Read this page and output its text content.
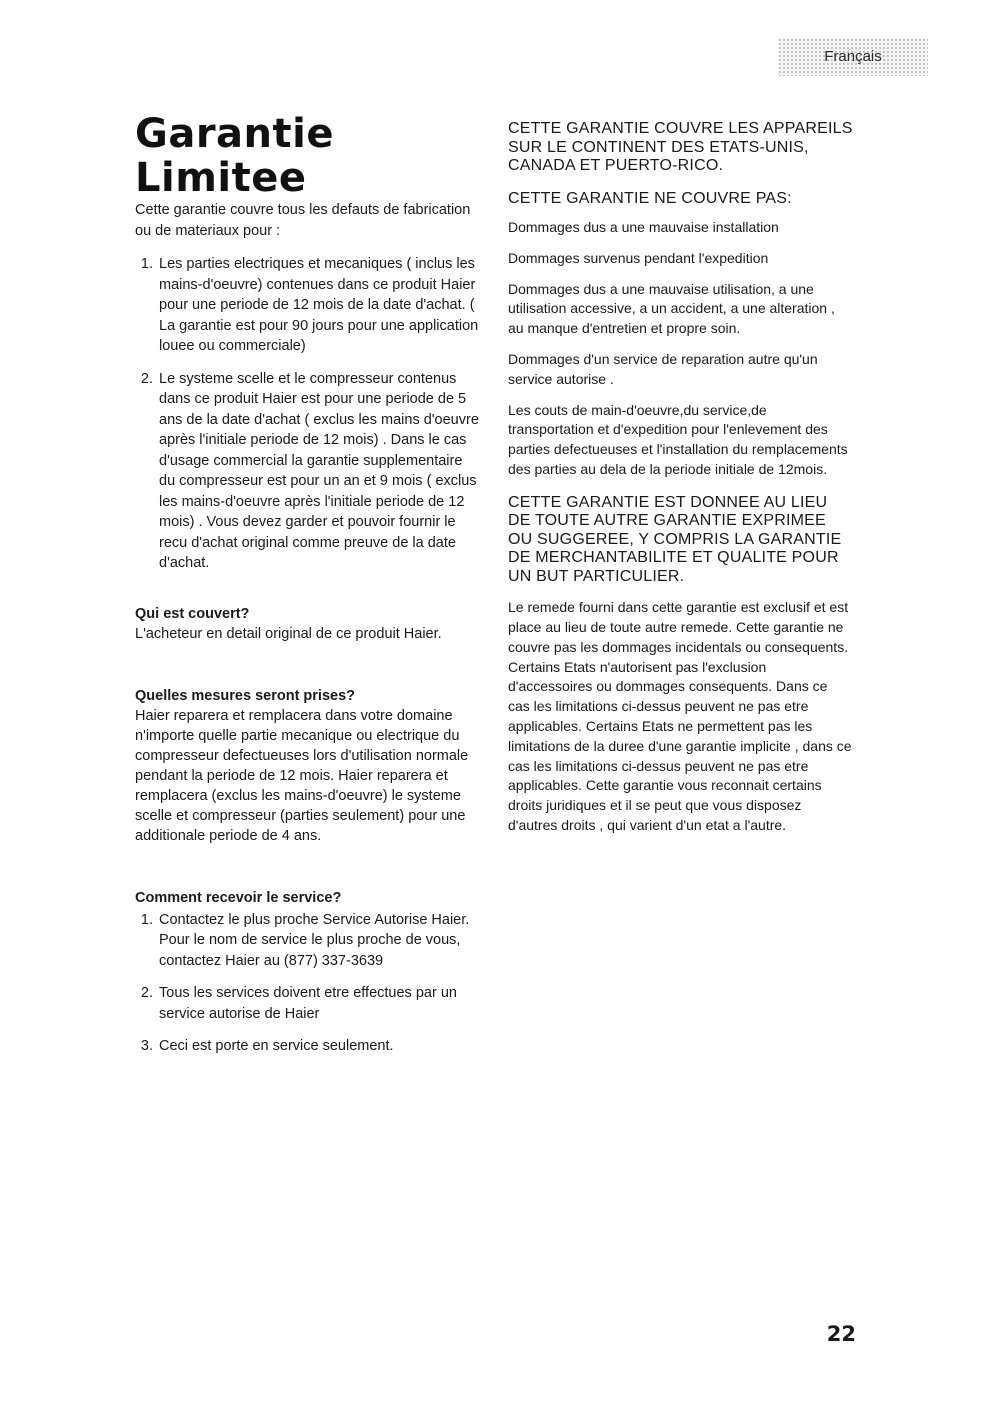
Français
Garantie Limitee

Cette garantie couvre tous les defauts de fabrication ou de materiaux pour :

1. Les parties electriques et mecaniques ( inclus les mains-d'oeuvre) contenues dans ce produit Haier pour une periode de 12 mois de la date d'achat. ( La garantie est pour 90 jours pour une application louee ou commerciale)
2. Le systeme scelle et le compresseur contenus dans ce produit Haier est pour une periode de 5 ans de la date d'achat ( exclus les mains d'oeuvre après l'initiale periode de 12 mois) . Dans le cas d'usage commercial la garantie supplementaire du compresseur est pour un an et 9 mois ( exclus les mains-d'oeuvre après l'initiale periode de 12 mois) . Vous devez garder et pouvoir fournir le recu d'achat original comme preuve de la date d'achat.

Qui est couvert?

L'acheteur en detail original de ce produit Haier.

Quelles mesures seront prises?

Haier reparera et remplacera dans votre domaine n'importe quelle partie mecanique ou electrique du compresseur defectueuses lors d'utilisation normale pendant la periode de 12 mois. Haier reparera et remplacera (exclus les mains-d'oeuvre) le systeme scelle et compresseur (parties seulement) pour une additionale periode de 4 ans.

Comment recevoir le service?

1. Contactez le plus proche Service Autorise Haier. Pour le nom de service le plus proche de vous, contactez Haier au (877) 337-3639
2. Tous les services doivent etre effectues par un service autorise de Haier
3. Ceci est porte en service seulement.

CETTE GARANTIE COUVRE LES APPAREILS SUR LE CONTINENT DES ETATS-UNIS, CANADA ET PUERTO-RICO.

CETTE GARANTIE NE COUVRE PAS:

Dommages dus a une mauvaise installation

Dommages survenus pendant l'expedition

Dommages dus a une mauvaise utilisation, a une utilisation accessive, a un accident, a une alteration , au manque d'entretien et propre soin.

Dommages d'un service de reparation autre qu'un service autorise .

Les couts de main-d'oeuvre,du service,de transportation et d'expedition pour l'enlevement des parties defectueuses et l'installation du remplacements des parties au dela de la periode initiale de 12mois.

CETTE GARANTIE EST DONNEE AU LIEU DE TOUTE AUTRE GARANTIE EXPRIMEE OU SUGGEREE, Y COMPRIS LA GARANTIE DE MERCHANTABILITE ET QUALITE POUR UN BUT PARTICULIER.

Le remede fourni dans cette garantie est exclusif et est place au lieu de toute autre remede. Cette garantie ne couvre pas les dommages incidentals ou consequents. Certains Etats n'autorisent pas l'exclusion d'accessoires ou dommages consequents. Dans ce cas les limitations ci-dessus peuvent ne pas etre applicables. Certains Etats ne permettent pas les limitations de la duree d'une garantie implicite , dans ce cas les limitations ci-dessus peuvent ne pas etre applicables. Cette garantie vous reconnait certains droits juridiques et il se peut que vous disposez d'autres droits , qui varient d'un etat a l'autre.

22
